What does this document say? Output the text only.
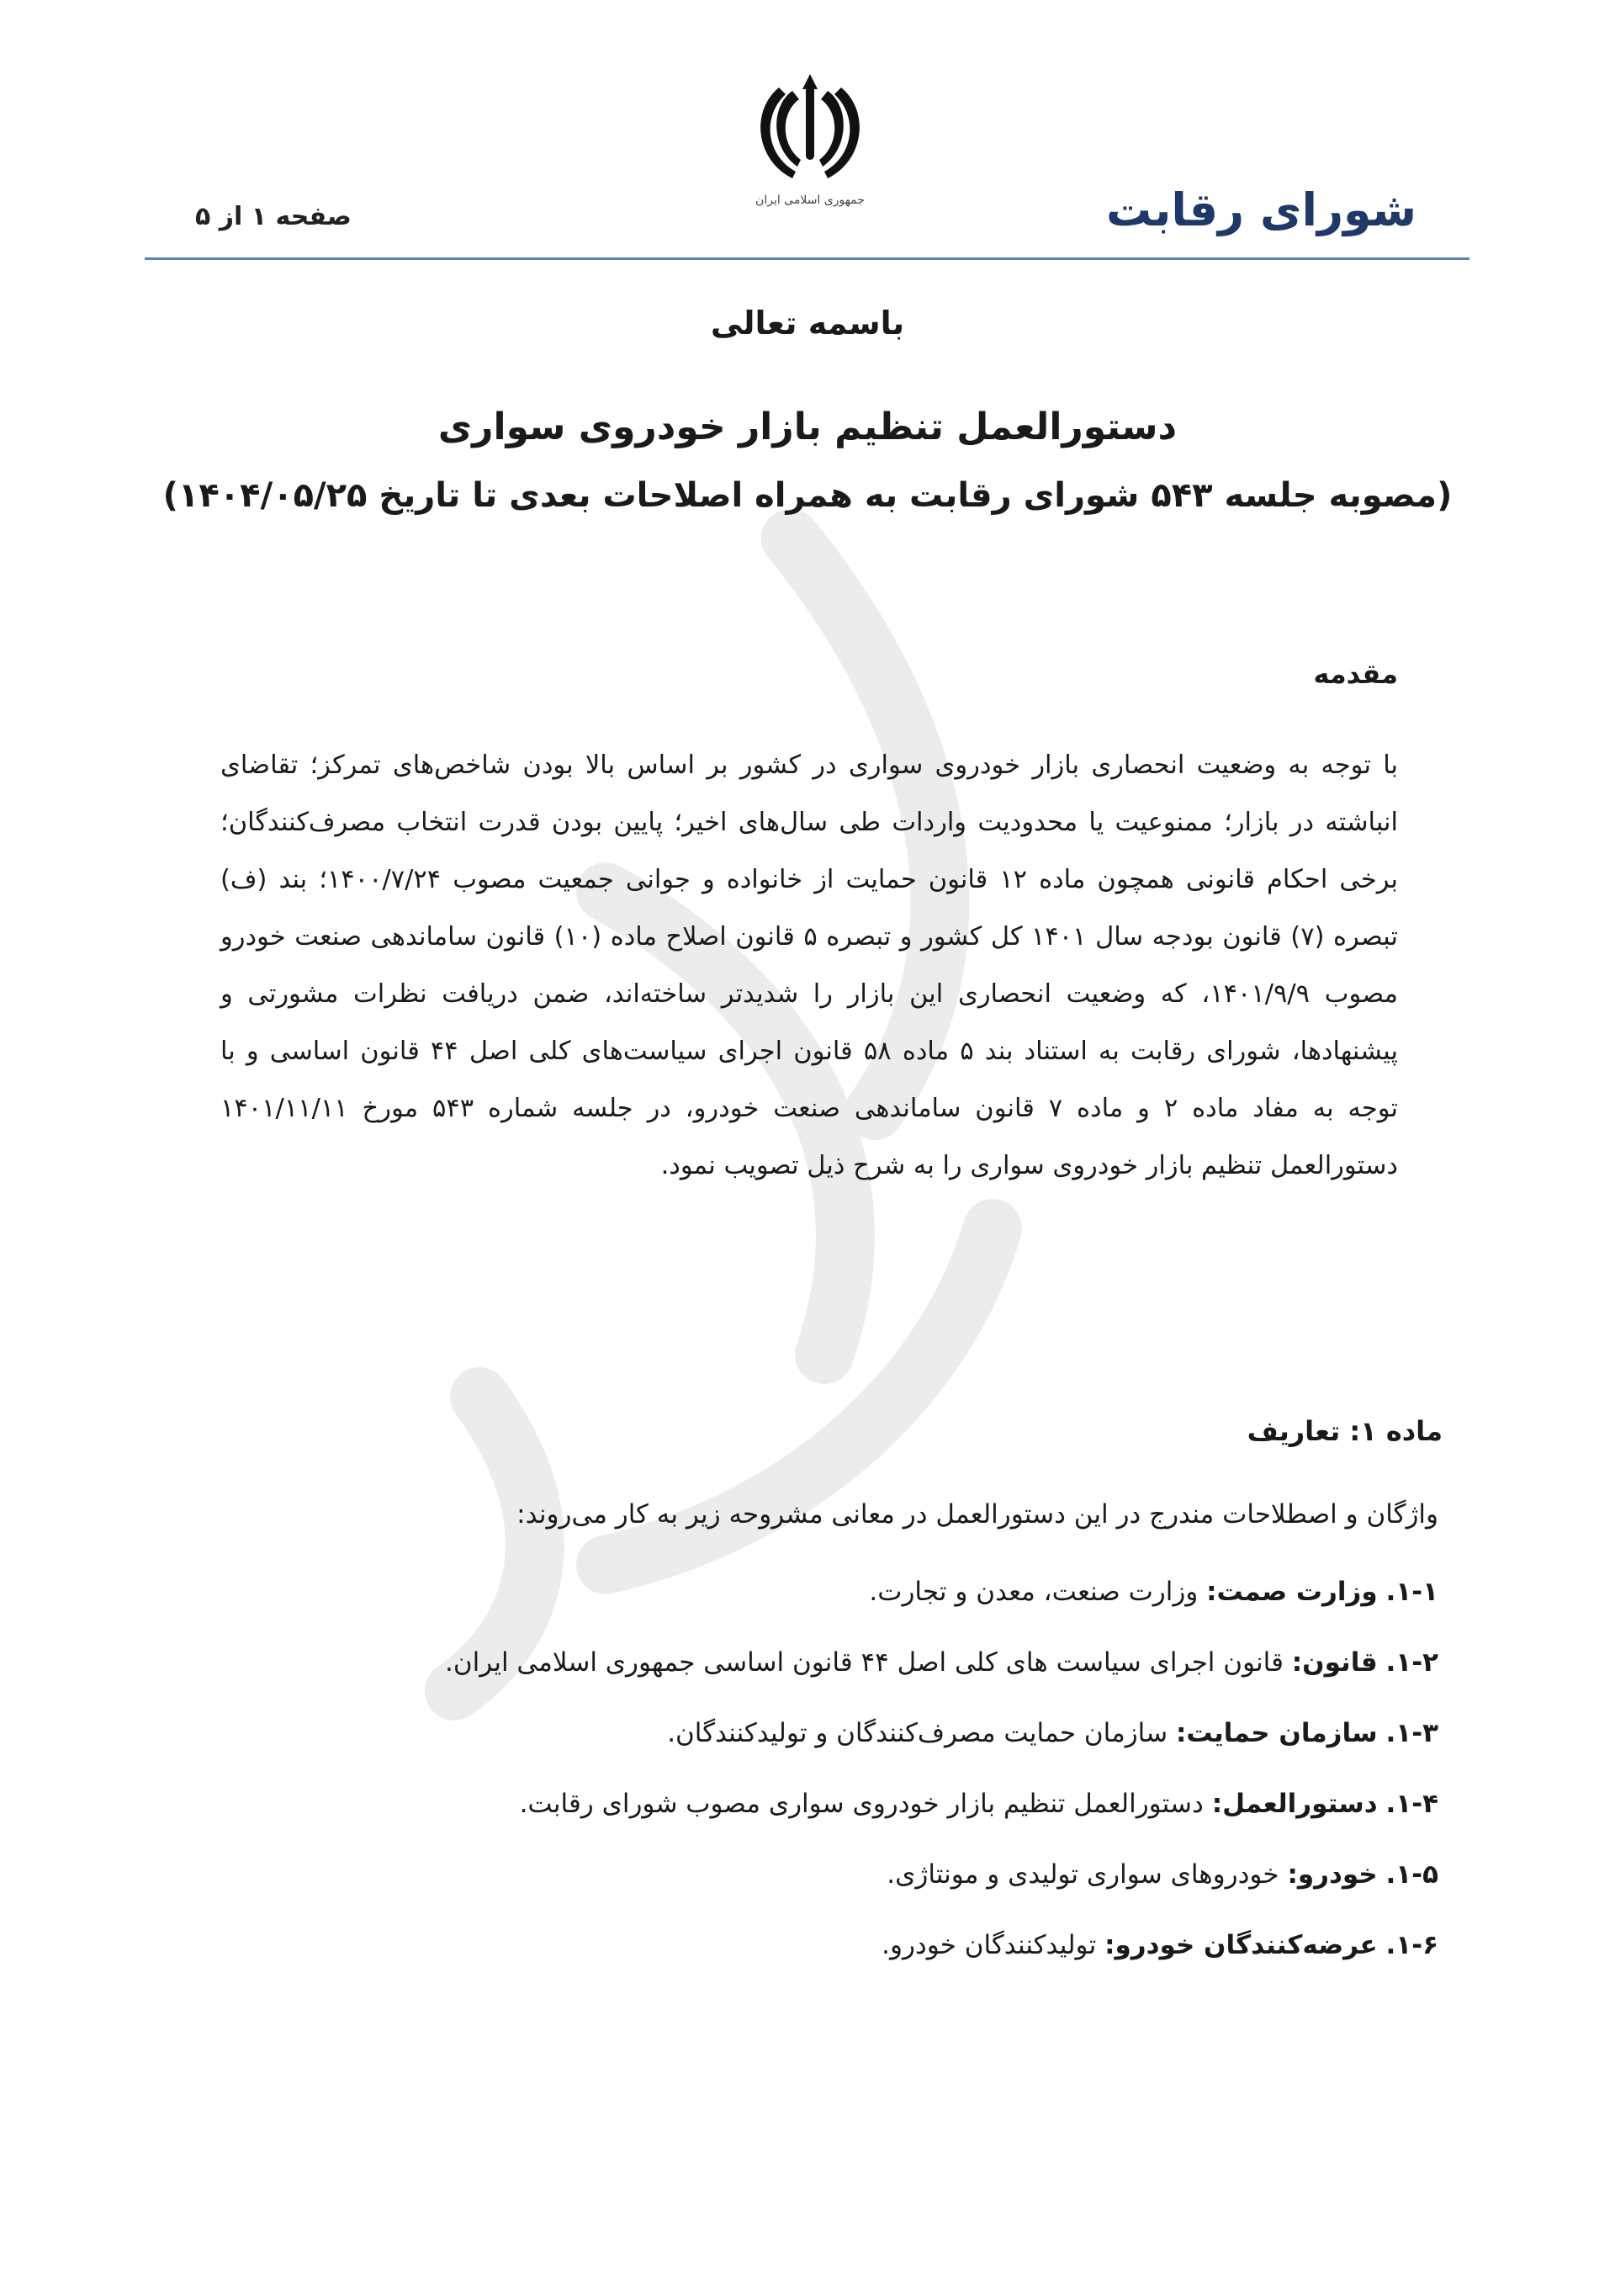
جمهوری اسلامی ایران	شورای رقابت
صفحه ۱ از ۵
باسمه تعالی
دستورالعمل تنظیم بازار خودروی سواری
(مصوبه جلسه ۵۴۳ شورای رقابت به همراه اصلاحات بعدی تا تاریخ ۱۴۰۴/۰۵/۲۵)
مقدمه
با توجه به وضعیت انحصاری بازار خودروی سواری در کشور بر اساس بالا بودن شاخص‌های تمرکز؛ تقاضای انباشته در بازار؛ ممنوعیت یا محدودیت واردات طی سال‌های اخیر؛ پایین بودن قدرت انتخاب مصرف‌کنندگان؛ برخی احکام قانونی همچون ماده ۱۲ قانون حمایت از خانواده و جوانی جمعیت مصوب ۱۴۰۰/۷/۲۴؛ بند (ف) تبصره (۷) قانون بودجه سال ۱۴۰۱ کل کشور و تبصره ۵ قانون اصلاح ماده (۱۰) قانون ساماندهی صنعت خودرو مصوب ۱۴۰۱/۹/۹، که وضعیت انحصاری این بازار را شدیدتر ساخته‌اند، ضمن دریافت نظرات مشورتی و پیشنهادها، شورای رقابت به استناد بند ۵ ماده ۵۸ قانون اجرای سیاست‌های کلی اصل ۴۴ قانون اساسی و با توجه به مفاد ماده ۲ و ماده ۷ قانون ساماندهی صنعت خودرو، در جلسه شماره ۵۴۳ مورخ ۱۴۰۱/۱۱/۱۱ دستورالعمل تنظیم بازار خودروی سواری را به شرح ذیل تصویب نمود.
ماده ۱: تعاریف
واژگان و اصطلاحات مندرج در این دستورالعمل در معانی مشروحه زیر به کار می‌روند:
۱-۱. وزارت صمت: وزارت صنعت، معدن و تجارت.
۱-۲. قانون: قانون اجرای سیاست های کلی اصل ۴۴ قانون اساسی جمهوری اسلامی ایران.
۱-۳. سازمان حمایت: سازمان حمایت مصرف‌کنندگان و تولیدکنندگان.
۱-۴. دستورالعمل: دستورالعمل تنظیم بازار خودروی سواری مصوب شورای رقابت.
۱-۵. خودرو: خودروهای سواری تولیدی و مونتاژی.
۱-۶. عرضه‌کنندگان خودرو: تولیدکنندگان خودرو.
